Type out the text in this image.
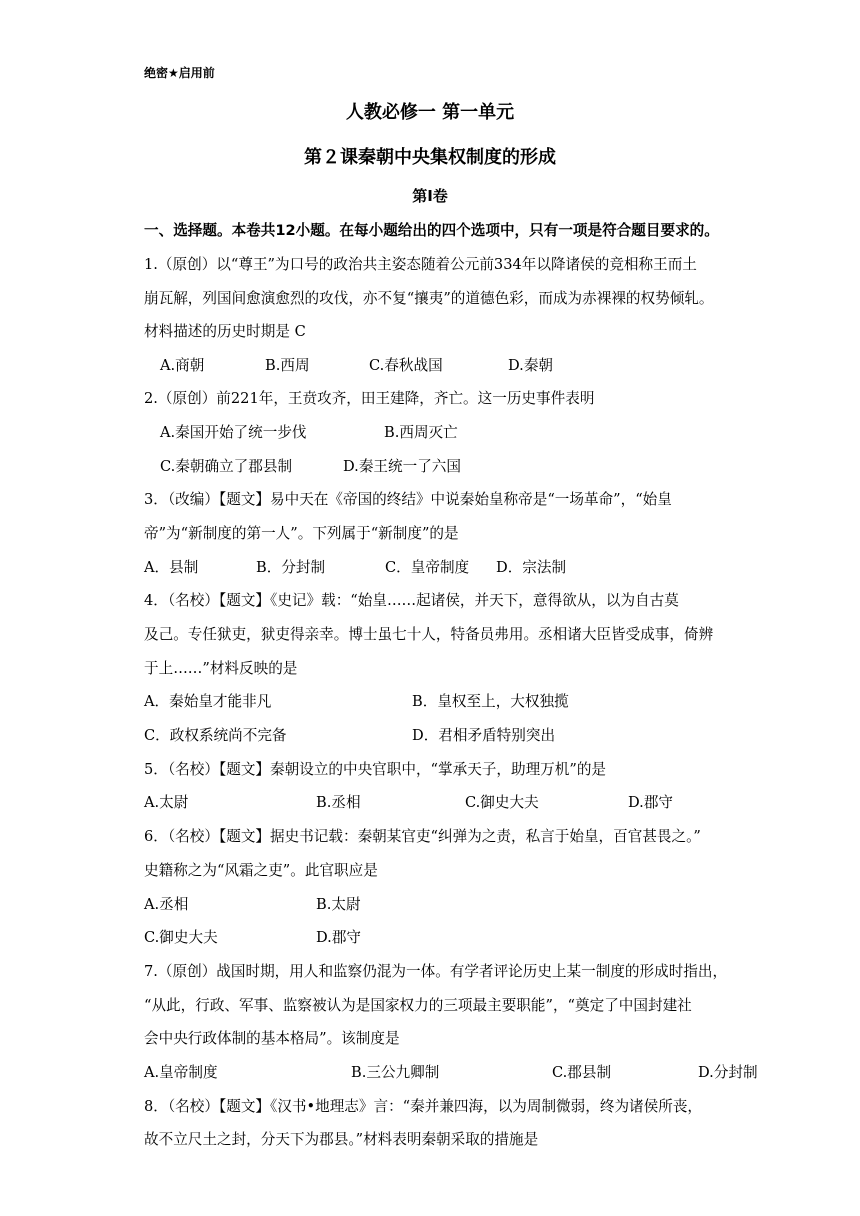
绝密★启用前
人教必修一 第一单元
第２课秦朝中央集权制度的形成
第Ⅰ卷
一、选择题。本卷共12小题。在每小题给出的四个选项中，只有一项是符合题目要求的。
1.（原创）以“尊王”为口号的政治共主姿态随着公元前334年以降诸侯的竞相称王而土
崩瓦解，列国间愈演愈烈的攻伐，亦不复“攘夷”的道德色彩，而成为赤裸裸的权势倾轧。
材料描述的历史时期是 C
A.商朝	B.西周	C.春秋战国	D.秦朝
2.（原创）前221年，王贲攻齐，田王建降，齐亡。这一历史事件表明
A.秦国开始了统一步伐	B.西周灭亡
C.秦朝确立了郡县制	D.秦王统一了六国
3．（改编）【题文】易中天在《帝国的终结》中说秦始皇称帝是“一场革命”，“始皇
帝”为“新制度的第一人”。下列属于“新制度”的是
A．县制	B．分封制	C．皇帝制度 D．宗法制
4．（名校）【题文】《史记》载：“始皇……起诸侯，并天下，意得欲从，以为自古莫
及己。专任狱吏，狱吏得亲幸。博士虽七十人，特备员弗用。丞相诸大臣皆受成事，倚辨
于上……”材料反映的是
A．秦始皇才能非凡	B．皇权至上，大权独揽
C．政权系统尚不完备	D．君相矛盾特别突出
5．（名校）【题文】秦朝设立的中央官职中，“掌承天子，助理万机”的是
A.太尉	B.丞相	C.御史大夫	D.郡守
6．（名校）【题文】据史书记载：秦朝某官吏“纠弹为之责，私言于始皇，百官甚畏之。”
史籍称之为“风霜之吏”。此官职应是
A.丞相	B.太尉
C.御史大夫	D.郡守
7.（原创）战国时期，用人和监察仍混为一体。有学者评论历史上某一制度的形成时指出，
“从此，行政、军事、监察被认为是国家权力的三项最主要职能”，“奠定了中国封建社
会中央行政体制的基本格局”。该制度是
A.皇帝制度	B.三公九卿制	C.郡县制	D.分封制
8．（名校）【题文】《汉书•地理志》言：“秦并兼四海，以为周制微弱，终为诸侯所丧，
故不立尺土之封，分天下为郡县。”材料表明秦朝采取的措施是
